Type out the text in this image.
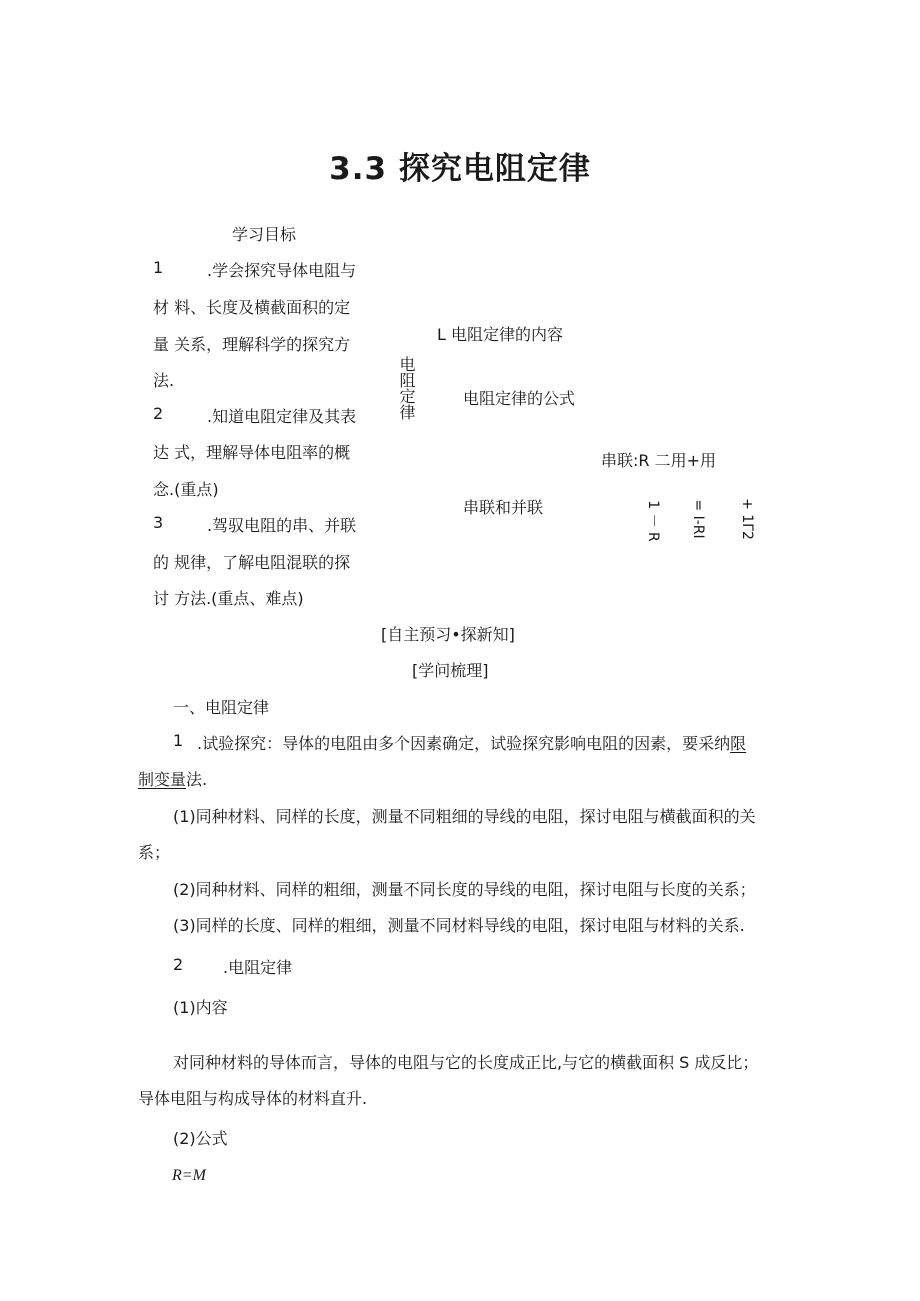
3.3 探究电阻定律
学习目标
1	.学会探究导体电阻与
材 料、长度及横截面积的定
量 关系，理解科学的探究方
法.
2	.知道电阻定律及其表
达 式，理解导体电阻率的概
念.(重点)
3	.驾驭电阻的串、并联
的 规律，了解电阻混联的探
讨 方法.(重点、难点)
电阻定律
L 电阻定律的内容
电阻定律的公式
串联和并联
串联:R 二用+用
1 － R = I-RI + 1Γ2
[自主预习•探新知]
[学问梳理]
一、电阻定律
1 .试验探究：导体的电阻由多个因素确定，试验探究影响电阻的因素，要采纳限
制变量法.
(1)同种材料、同样的长度，测量不同粗细的导线的电阻，探讨电阻与横截面积的关
系；
(2)同种材料、同样的粗细，测量不同长度的导线的电阻，探讨电阻与长度的关系；
(3)同样的长度、同样的粗细，测量不同材料导线的电阻，探讨电阻与材料的关系.
2 .电阻定律
(1)内容
对同种材料的导体而言，导体的电阻与它的长度成正比,与它的横截面积 S 成反比；
导体电阻与构成导体的材料直升.
(2)公式
R=M
